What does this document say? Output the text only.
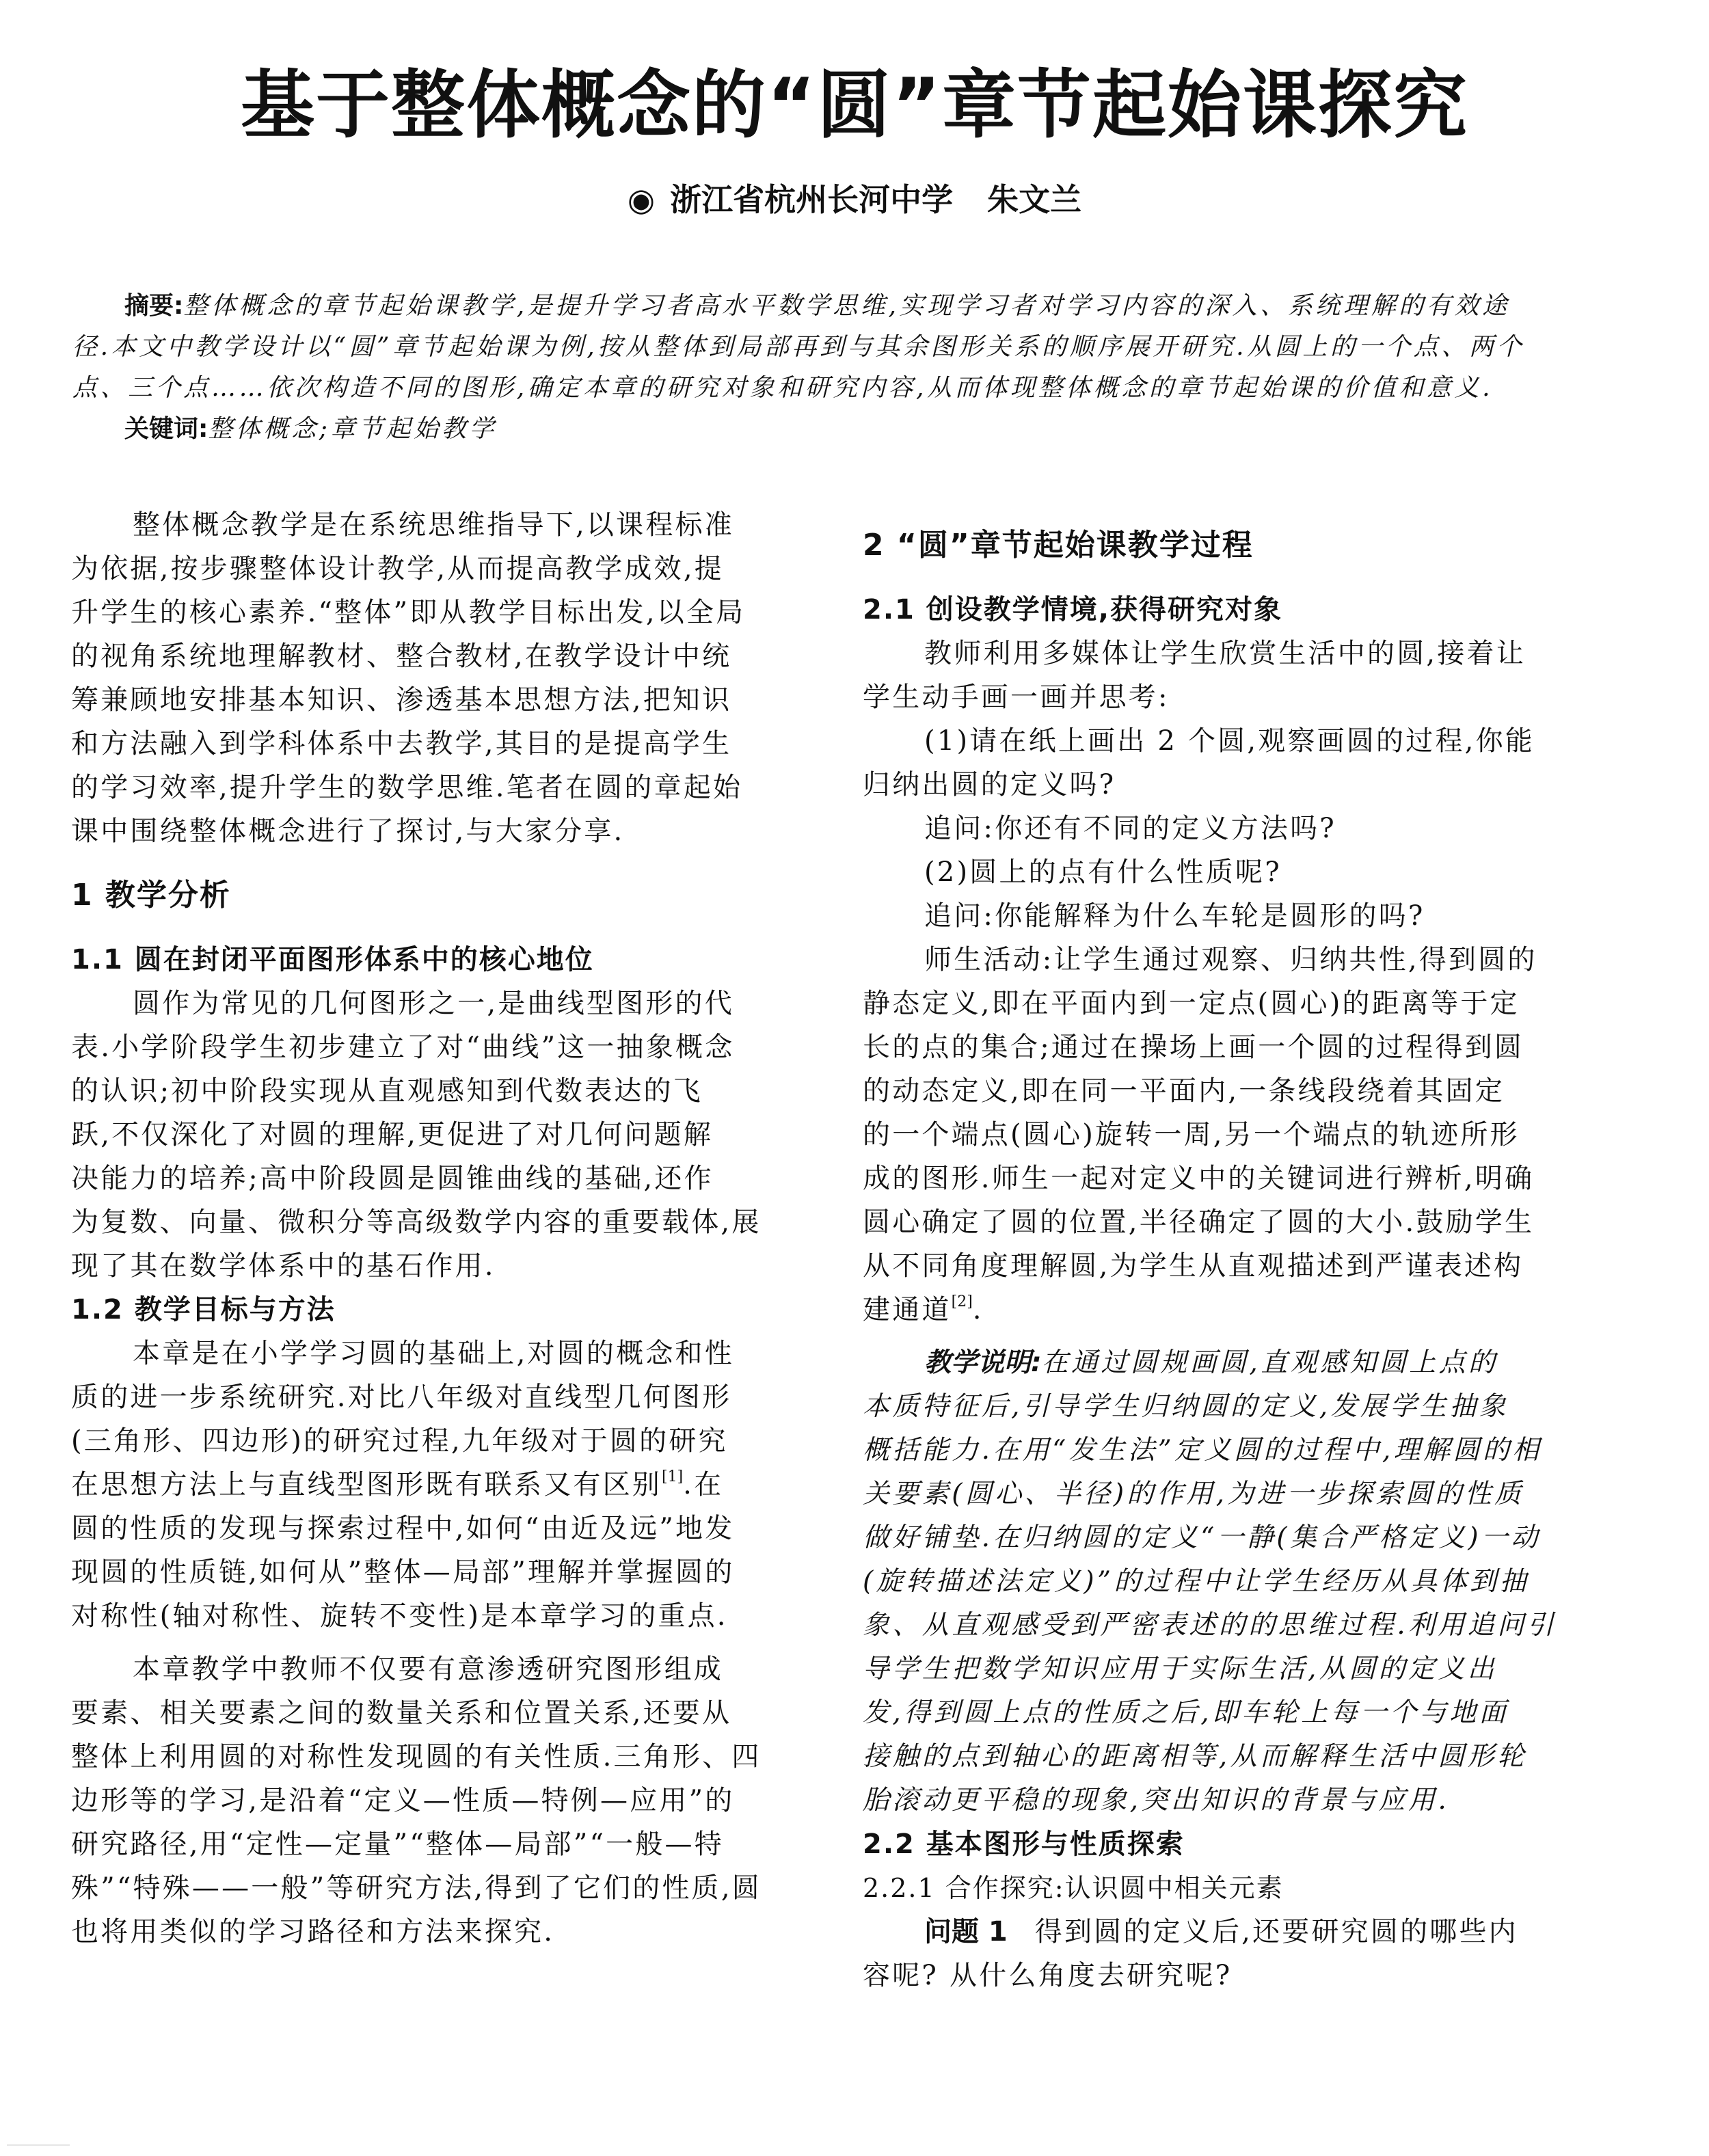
基于整体概念的“圆”章节起始课探究
◉ 浙江省杭州长河中学 朱文兰
摘要:整体概念的章节起始课教学,是提升学习者高水平数学思维,实现学习者对学习内容的深入、系统理解的有效途
径.本文中教学设计以“圆”章节起始课为例,按从整体到局部再到与其余图形关系的顺序展开研究.从圆上的一个点、两个
点、三个点……依次构造不同的图形,确定本章的研究对象和研究内容,从而体现整体概念的章节起始课的价值和意义.
关键词:整体概念;章节起始教学
整体概念教学是在系统思维指导下,以课程标准
为依据,按步骤整体设计教学,从而提高教学成效,提
升学生的核心素养.“整体”即从教学目标出发,以全局
的视角系统地理解教材、整合教材,在教学设计中统
筹兼顾地安排基本知识、渗透基本思想方法,把知识
和方法融入到学科体系中去教学,其目的是提高学生
的学习效率,提升学生的数学思维.笔者在圆的章起始
课中围绕整体概念进行了探讨,与大家分享.
1 教学分析
1.1 圆在封闭平面图形体系中的核心地位
圆作为常见的几何图形之一,是曲线型图形的代
表.小学阶段学生初步建立了对“曲线”这一抽象概念
的认识;初中阶段实现从直观感知到代数表达的飞
跃,不仅深化了对圆的理解,更促进了对几何问题解
决能力的培养;高中阶段圆是圆锥曲线的基础,还作
为复数、向量、微积分等高级数学内容的重要载体,展
现了其在数学体系中的基石作用.
1.2 教学目标与方法
本章是在小学学习圆的基础上,对圆的概念和性
质的进一步系统研究.对比八年级对直线型几何图形
(三角形、四边形)的研究过程,九年级对于圆的研究
在思想方法上与直线型图形既有联系又有区别[1].在
圆的性质的发现与探索过程中,如何“由近及远”地发
现圆的性质链,如何从”整体—局部”理解并掌握圆的
对称性(轴对称性、旋转不变性)是本章学习的重点.
本章教学中教师不仅要有意渗透研究图形组成
要素、相关要素之间的数量关系和位置关系,还要从
整体上利用圆的对称性发现圆的有关性质.三角形、四
边形等的学习,是沿着“定义—性质—特例—应用”的
研究路径,用“定性—定量”“整体—局部”“一般—特
殊”“特殊——一般”等研究方法,得到了它们的性质,圆
也将用类似的学习路径和方法来探究.
2 “圆”章节起始课教学过程
2.1 创设教学情境,获得研究对象
教师利用多媒体让学生欣赏生活中的圆,接着让
学生动手画一画并思考:
(1)请在纸上画出 2 个圆,观察画圆的过程,你能
归纳出圆的定义吗?
追问:你还有不同的定义方法吗?
(2)圆上的点有什么性质呢?
追问:你能解释为什么车轮是圆形的吗?
师生活动:让学生通过观察、归纳共性,得到圆的
静态定义,即在平面内到一定点(圆心)的距离等于定
长的点的集合;通过在操场上画一个圆的过程得到圆
的动态定义,即在同一平面内,一条线段绕着其固定
的一个端点(圆心)旋转一周,另一个端点的轨迹所形
成的图形.师生一起对定义中的关键词进行辨析,明确
圆心确定了圆的位置,半径确定了圆的大小.鼓励学生
从不同角度理解圆,为学生从直观描述到严谨表述构
建通道[2].
教学说明:在通过圆规画圆,直观感知圆上点的
本质特征后,引导学生归纳圆的定义,发展学生抽象
概括能力.在用“发生法”定义圆的过程中,理解圆的相
关要素(圆心、半径)的作用,为进一步探索圆的性质
做好铺垫.在归纳圆的定义“一静(集合严格定义)一动
(旋转描述法定义)”的过程中让学生经历从具体到抽
象、从直观感受到严密表述的的思维过程.利用追问引
导学生把数学知识应用于实际生活,从圆的定义出
发,得到圆上点的性质之后,即车轮上每一个与地面
接触的点到轴心的距离相等,从而解释生活中圆形轮
胎滚动更平稳的现象,突出知识的背景与应用.
2.2 基本图形与性质探索
2.2.1 合作探究:认识圆中相关元素
问题 1 得到圆的定义后,还要研究圆的哪些内
容呢? 从什么角度去研究呢?
